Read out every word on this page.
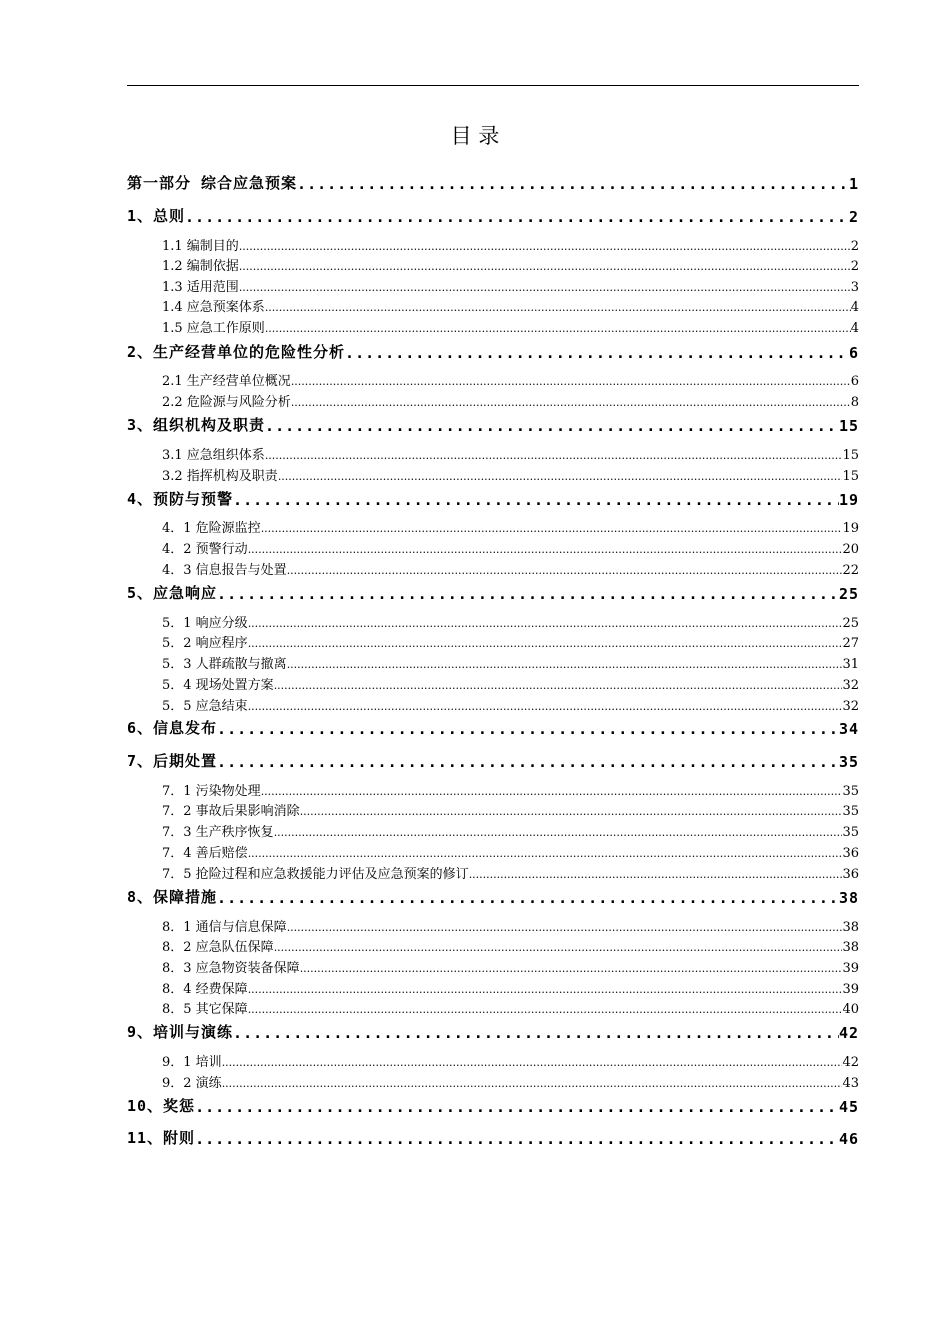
目 录
第一部分 综合应急预案 .....	1
1、总则 .....	2
1.1 编制目的 .....	2
1.2 编制依据 .....	2
1.3 适用范围 .....	3
1.4 应急预案体系 .....	4
1.5 应急工作原则 .....	4
2、生产经营单位的危险性分析 .....	6
2.1 生产经营单位概况 .....	6
2.2 危险源与风险分析 .....	8
3、组织机构及职责 .....	15
3.1 应急组织体系 .....	15
3.2 指挥机构及职责 .....	15
4、预防与预警 .....	19
4．1 危险源监控 .....	19
4．2 预警行动 .....	20
4．3 信息报告与处置 .....	22
5、应急响应 .....	25
5．1 响应分级 .....	25
5．2 响应程序 .....	27
5．3 人群疏散与撤离 .....	31
5．4 现场处置方案 .....	32
5．5 应急结束 .....	32
6、信息发布 .....	34
7、后期处置 .....	35
7．1 污染物处理 .....	35
7．2 事故后果影响消除 .....	35
7．3 生产秩序恢复 .....	35
7．4 善后赔偿 .....	36
7．5 抢险过程和应急救援能力评估及应急预案的修订 .....	36
8、保障措施 .....	38
8．1 通信与信息保障 .....	38
8．2 应急队伍保障 .....	38
8．3 应急物资装备保障 .....	39
8．4 经费保障 .....	39
8．5 其它保障 .....	40
9、培训与演练 .....	42
9．1 培训 .....	42
9．2 演练 .....	43
10、奖惩 .....	45
11、附则 .....	46
